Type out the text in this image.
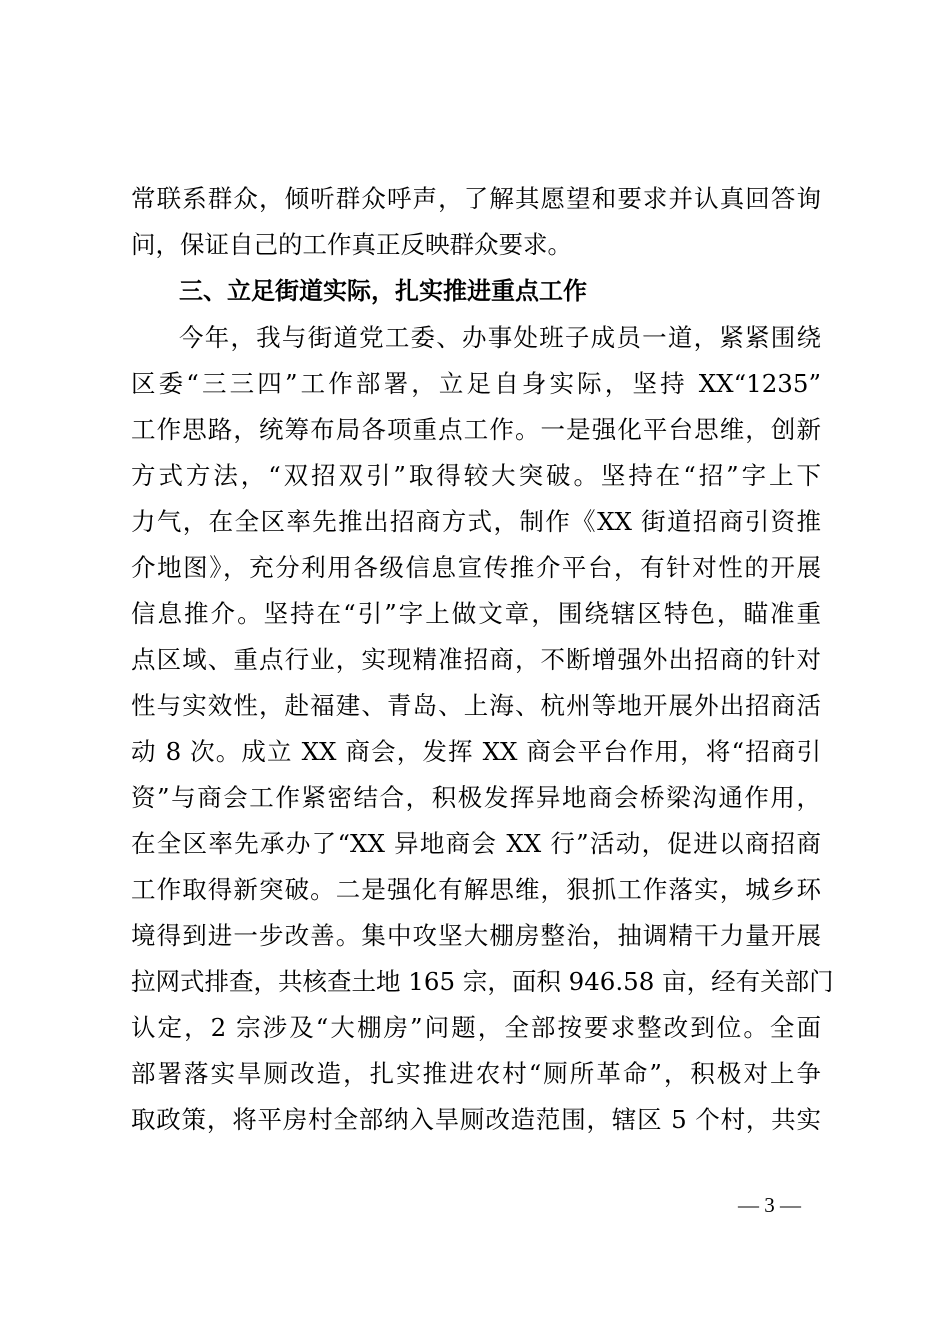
常联系群众，倾听群众呼声，了解其愿望和要求并认真回答询
问，保证自己的工作真正反映群众要求。
三、立足街道实际，扎实推进重点工作
今年，我与街道党工委、办事处班子成员一道，紧紧围绕
区委“三三四”工作部署，立足自身实际，坚持 XX“1235”
工作思路，统筹布局各项重点工作。一是强化平台思维，创新
方式方法，“双招双引”取得较大突破。坚持在“招”字上下
力气，在全区率先推出招商方式，制作《XX 街道招商引资推
介地图》，充分利用各级信息宣传推介平台，有针对性的开展
信息推介。坚持在“引”字上做文章，围绕辖区特色，瞄准重
点区域、重点行业，实现精准招商，不断增强外出招商的针对
性与实效性，赴福建、青岛、上海、杭州等地开展外出招商活
动 8 次。成立 XX 商会，发挥 XX 商会平台作用，将“招商引
资”与商会工作紧密结合，积极发挥异地商会桥梁沟通作用，
在全区率先承办了“XX 异地商会 XX 行”活动，促进以商招商
工作取得新突破。二是强化有解思维，狠抓工作落实，城乡环
境得到进一步改善。集中攻坚大棚房整治，抽调精干力量开展
拉网式排查，共核查土地 165 宗，面积 946.58 亩，经有关部门
认定，2 宗涉及“大棚房”问题，全部按要求整改到位。全面
部署落实旱厕改造，扎实推进农村“厕所革命”，积极对上争
取政策，将平房村全部纳入旱厕改造范围，辖区 5 个村，共实
— 3 —
